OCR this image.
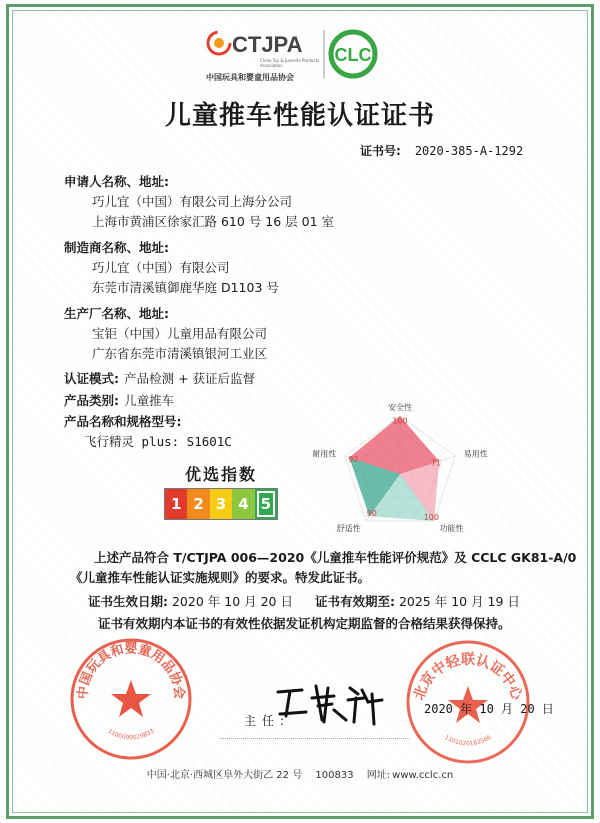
CTJPA
China Toy & Juvenile Products Association
中国玩具和婴童用品协会
CLC
儿童推车性能认证证书
证书号: 2020-385-A-1292
申请人名称、地址:
巧儿宜（中国）有限公司上海分公司
上海市黄浦区徐家汇路 610 号 16 层 01 室
制造商名称、地址:
巧儿宜（中国）有限公司
东莞市清溪镇御鹿华庭 D1103 号
生产厂名称、地址:
宝钜（中国）儿童用品有限公司
广东省东莞市清溪镇银河工业区
认证模式: 产品检测 + 获证后监督
产品类别: 儿童推车
产品名称和规格型号:
飞行精灵 plus: S1601C
安全性
100
易用性
71
功能性
100
舒适性
90
耐用性
92
优选指数
1 2 3 4 5
上述产品符合 T/CTJPA 006—2020《儿童推车性能评价规范》及 CCLC GK81-A/0
《儿童推车性能认证实施规则》的要求。特发此证书。
证书生效日期: 2020 年 10 月 20 日 证书有效期至: 2025 年 10 月 19 日
证书有效期内本证书的有效性依据发证机构定期监督的合格结果获得保持。
中国玩具和婴童用品协会
1100000029833
北京中轻联认证中心
1101020163566
主任:
2020 年 10 月 20 日
中国·北京·西城区阜外大街乙 22 号 100833 网址: www.cclc.cn
